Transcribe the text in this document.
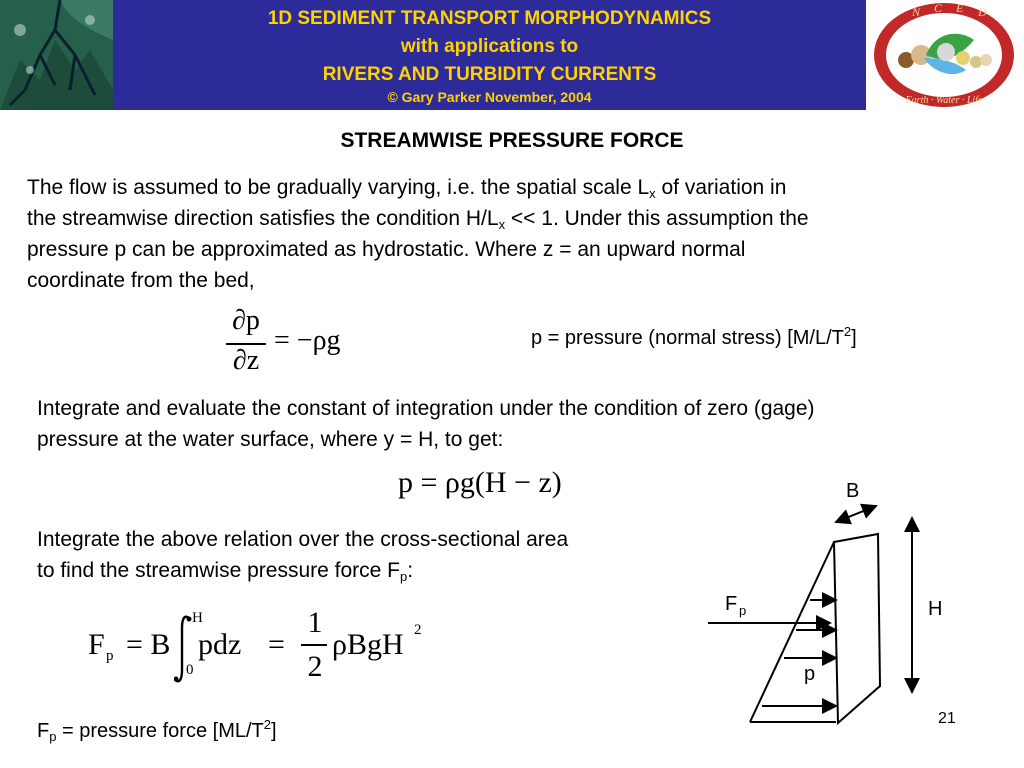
1D SEDIMENT TRANSPORT MORPHODYNAMICS
with applications to
RIVERS AND TURBIDITY CURRENTS
© Gary Parker November, 2004
N C E D
Earth · Water · Life
STREAMWISE PRESSURE FORCE
The flow is assumed to be gradually varying, i.e. the spatial scale $L_x$ of variation in
the streamwise direction satisfies the condition $H/L_x << 1$. Under this assumption the
pressure p can be approximated as hydrostatic. Where z = an upward normal
coordinate from the bed,
∂p
∂z
= −ρg	p = pressure (normal stress) $[M/L/T^2]$
Integrate and evaluate the constant of integration under the condition of zero (gage)
pressure at the water surface, where y = H, to get:
p = ρg(H − z)
Integrate the above relation over the cross-sectional area
to find the streamwise pressure force $F_p$:
F p = B
H
0
pdz =
1
2
ρBgH 2
$F_p$ = pressure force $[ML/T^2]$
B
F p	H
p
21
